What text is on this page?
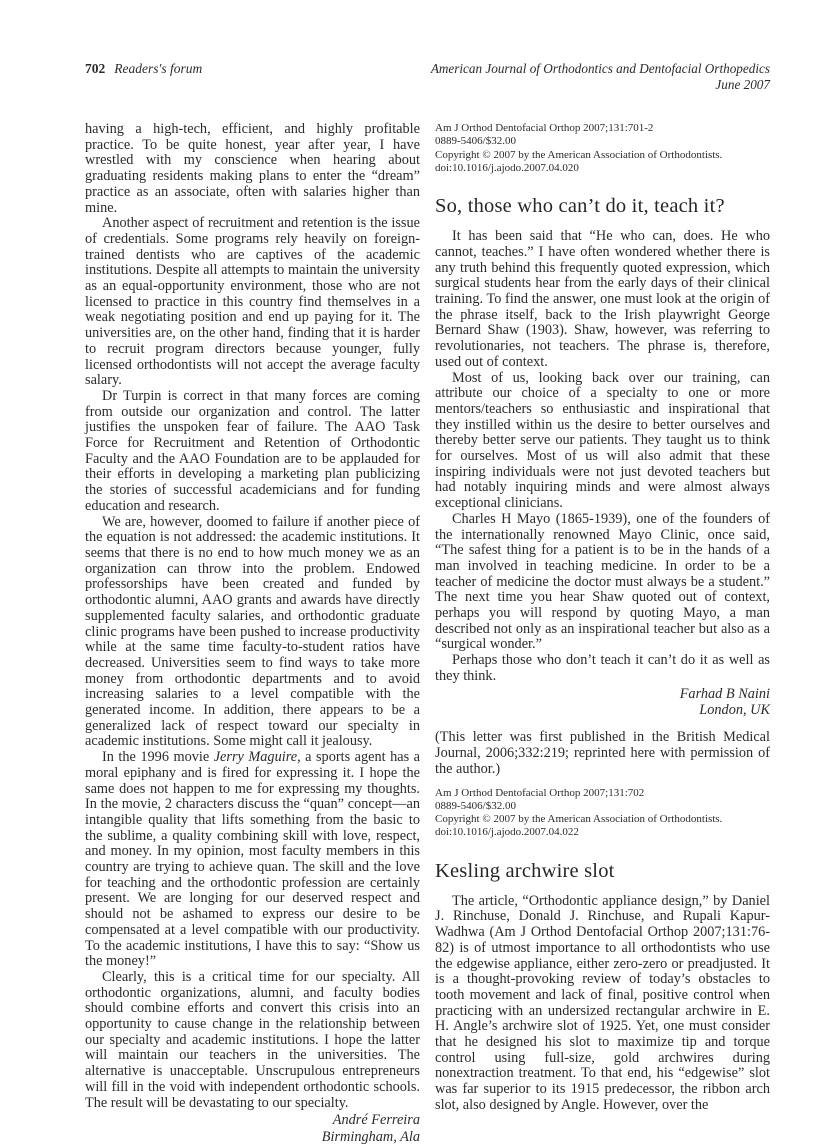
702 Readers's forum	American Journal of Orthodontics and Dentofacial Orthopedics
June 2007

having a high-tech, efficient, and highly profitable practice. To be quite honest, year after year, I have wrestled with my conscience when hearing about graduating residents making plans to enter the “dream” practice as an associate, often with salaries higher than mine.

Another aspect of recruitment and retention is the issue of credentials. Some programs rely heavily on foreign-trained dentists who are captives of the academic institutions. Despite all attempts to maintain the university as an equal-opportunity environment, those who are not licensed to practice in this country find themselves in a weak negotiating position and end up paying for it. The universities are, on the other hand, finding that it is harder to recruit program directors because younger, fully licensed orthodontists will not accept the average faculty salary.

Dr Turpin is correct in that many forces are coming from outside our organization and control. The latter justifies the unspoken fear of failure. The AAO Task Force for Recruitment and Retention of Orthodontic Faculty and the AAO Foundation are to be applauded for their efforts in developing a marketing plan publicizing the stories of successful academicians and for funding education and research.

We are, however, doomed to failure if another piece of the equation is not addressed: the academic institutions. It seems that there is no end to how much money we as an organization can throw into the problem. Endowed professorships have been created and funded by orthodontic alumni, AAO grants and awards have directly supplemented faculty salaries, and orthodontic graduate clinic programs have been pushed to increase productivity while at the same time faculty-to-student ratios have decreased. Universities seem to find ways to take more money from orthodontic departments and to avoid increasing salaries to a level compatible with the generated income. In addition, there appears to be a generalized lack of respect toward our specialty in academic institutions. Some might call it jealousy.

In the 1996 movie Jerry Maguire, a sports agent has a moral epiphany and is fired for expressing it. I hope the same does not happen to me for expressing my thoughts. In the movie, 2 characters discuss the “quan” concept—an intangible quality that lifts something from the basic to the sublime, a quality combining skill with love, respect, and money. In my opinion, most faculty members in this country are trying to achieve quan. The skill and the love for teaching and the orthodontic profession are certainly present. We are longing for our deserved respect and should not be ashamed to express our desire to be compensated at a level compatible with our productivity. To the academic institutions, I have this to say: “Show us the money!”

Clearly, this is a critical time for our specialty. All orthodontic organizations, alumni, and faculty bodies should combine efforts and convert this crisis into an opportunity to cause change in the relationship between our specialty and academic institutions. I hope the latter will maintain our teachers in the universities. The alternative is unacceptable. Unscrupulous entrepreneurs will fill in the void with independent orthodontic schools. The result will be devastating to our specialty.

André Ferreira
Birmingham, Ala
Am J Orthod Dentofacial Orthop 2007;131:701-2
0889-5406/$32.00
Copyright © 2007 by the American Association of Orthodontists.
doi:10.1016/j.ajodo.2007.04.020
So, those who can’t do it, teach it?

It has been said that “He who can, does. He who cannot, teaches.” I have often wondered whether there is any truth behind this frequently quoted expression, which surgical students hear from the early days of their clinical training. To find the answer, one must look at the origin of the phrase itself, back to the Irish playwright George Bernard Shaw (1903). Shaw, however, was referring to revolutionaries, not teachers. The phrase is, therefore, used out of context.

Most of us, looking back over our training, can attribute our choice of a specialty to one or more mentors/teachers so enthusiastic and inspirational that they instilled within us the desire to better ourselves and thereby better serve our patients. They taught us to think for ourselves. Most of us will also admit that these inspiring individuals were not just devoted teachers but had notably inquiring minds and were almost always exceptional clinicians.

Charles H Mayo (1865-1939), one of the founders of the internationally renowned Mayo Clinic, once said, “The safest thing for a patient is to be in the hands of a man involved in teaching medicine. In order to be a teacher of medicine the doctor must always be a student.” The next time you hear Shaw quoted out of context, perhaps you will respond by quoting Mayo, a man described not only as an inspirational teacher but also as a “surgical wonder.”

Perhaps those who don’t teach it can’t do it as well as they think.

Farhad B Naini
London, UK

(This letter was first published in the British Medical Journal, 2006;332:219; reprinted here with permission of the author.)

Am J Orthod Dentofacial Orthop 2007;131:702
0889-5406/$32.00
Copyright © 2007 by the American Association of Orthodontists.
doi:10.1016/j.ajodo.2007.04.022
Kesling archwire slot

The article, “Orthodontic appliance design,” by Daniel J. Rinchuse, Donald J. Rinchuse, and Rupali Kapur-Wadhwa (Am J Orthod Dentofacial Orthop 2007;131:76-82) is of utmost importance to all orthodontists who use the edgewise appliance, either zero-zero or preadjusted. It is a thought-provoking review of today’s obstacles to tooth movement and lack of final, positive control when practicing with an undersized rectangular archwire in E. H. Angle’s archwire slot of 1925. Yet, one must consider that he designed his slot to maximize tip and torque control using full-size, gold archwires during nonextraction treatment. To that end, his “edgewise” slot was far superior to its 1915 predecessor, the ribbon arch slot, also designed by Angle. However, over the
